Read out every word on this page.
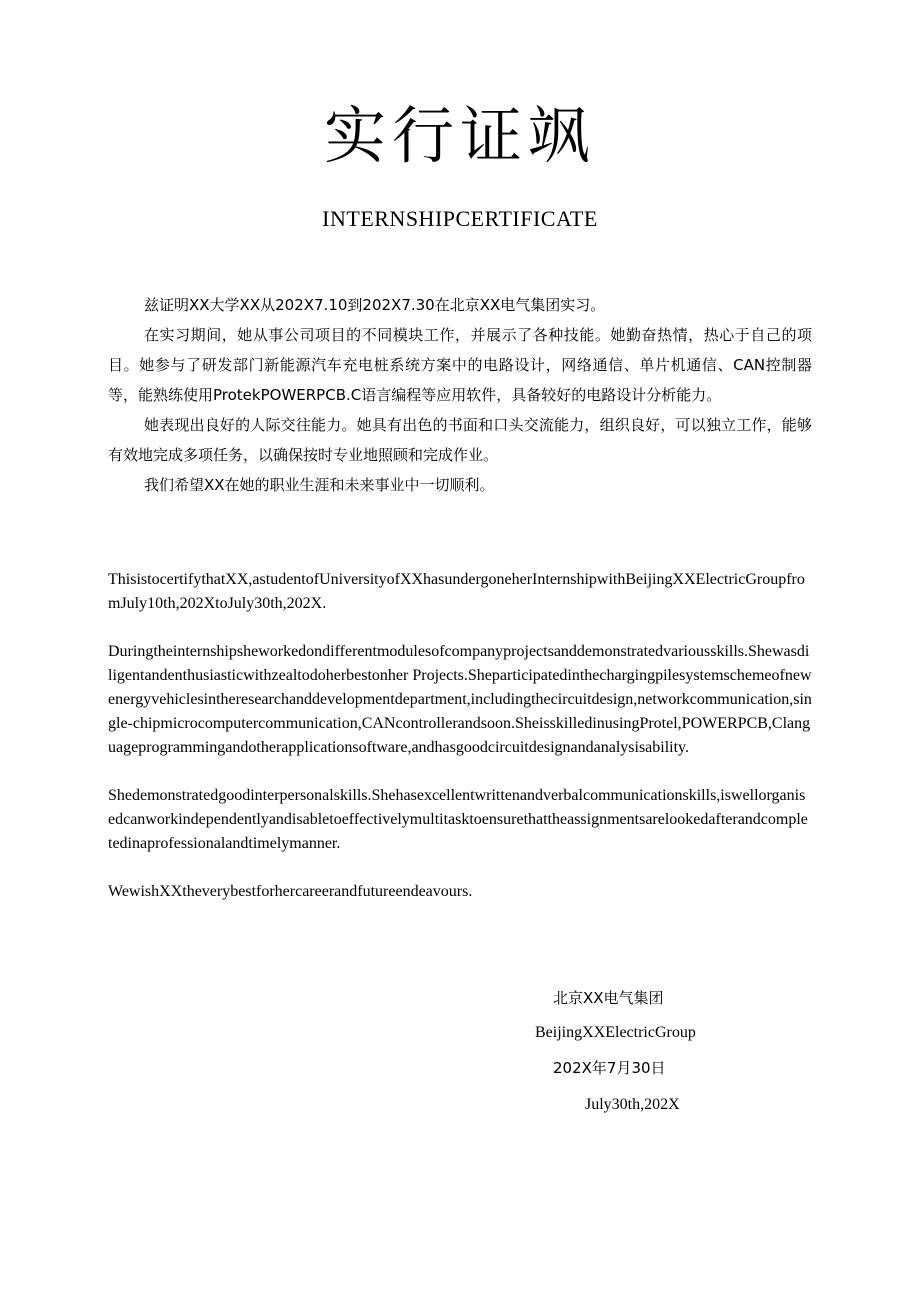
实行证飒
INTERNSHIPCERTIFICATE

兹证明XX大学XX从202X7.10到202X7.30在北京XX电气集团实习。

在实习期间，她从事公司项目的不同模块工作，并展示了各种技能。她勤奋热情，热心于自己的项目。她参与了研发部门新能源汽车充电桩系统方案中的电路设计，网络通信、单片机通信、CAN控制器等，能熟练使用ProtekPOWERPCB.C语言编程等应用软件，具备较好的电路设计分析能力。

她表现出良好的人际交往能力。她具有出色的书面和口头交流能力，组织良好，可以独立工作，能够有效地完成多项任务，以确保按时专业地照顾和完成作业。

我们希望XX在她的职业生涯和未来事业中一切顺利。

ThisistocertifythatXX,astudentofUniversityofXXhasundergoneherInternshipwithBeijingXXElectricGroupfromJuly10th,202XtoJuly30th,202X.

Duringtheinternshipsheworkedondifferentmodulesofcompanyprojectsanddemonstratedvariousskills.Shewasdiligentandenthusiasticwithzealtodoherbestonher Projects.Sheparticipatedinthechargingpilesystemschemeofnewenergyvehiclesintheresearchanddevelopmentdepartment,includingthecircuitdesign,networkcommunication,single-chipmicrocomputercommunication,CANcontrollerandsoon.SheisskilledinusingProtel,POWERPCB,Clanguageprogrammingandotherapplicationsoftware,andhasgoodcircuitdesignandanalysisability.

Shedemonstratedgoodinterpersonalskills.Shehasexcellentwrittenandverbalcommunicationskills,iswellorganisedcanworkindependentlyandisabletoeffectivelymultitasktoensurethattheassignmentsarelookedafterandcompletedinaprofessionalandtimelymanner.

WewishXXtheverybestforhercareerandfutureendeavours.

北京XX电气集团
BeijingXXElectricGroup
202X年7月30日
July30th,202X
